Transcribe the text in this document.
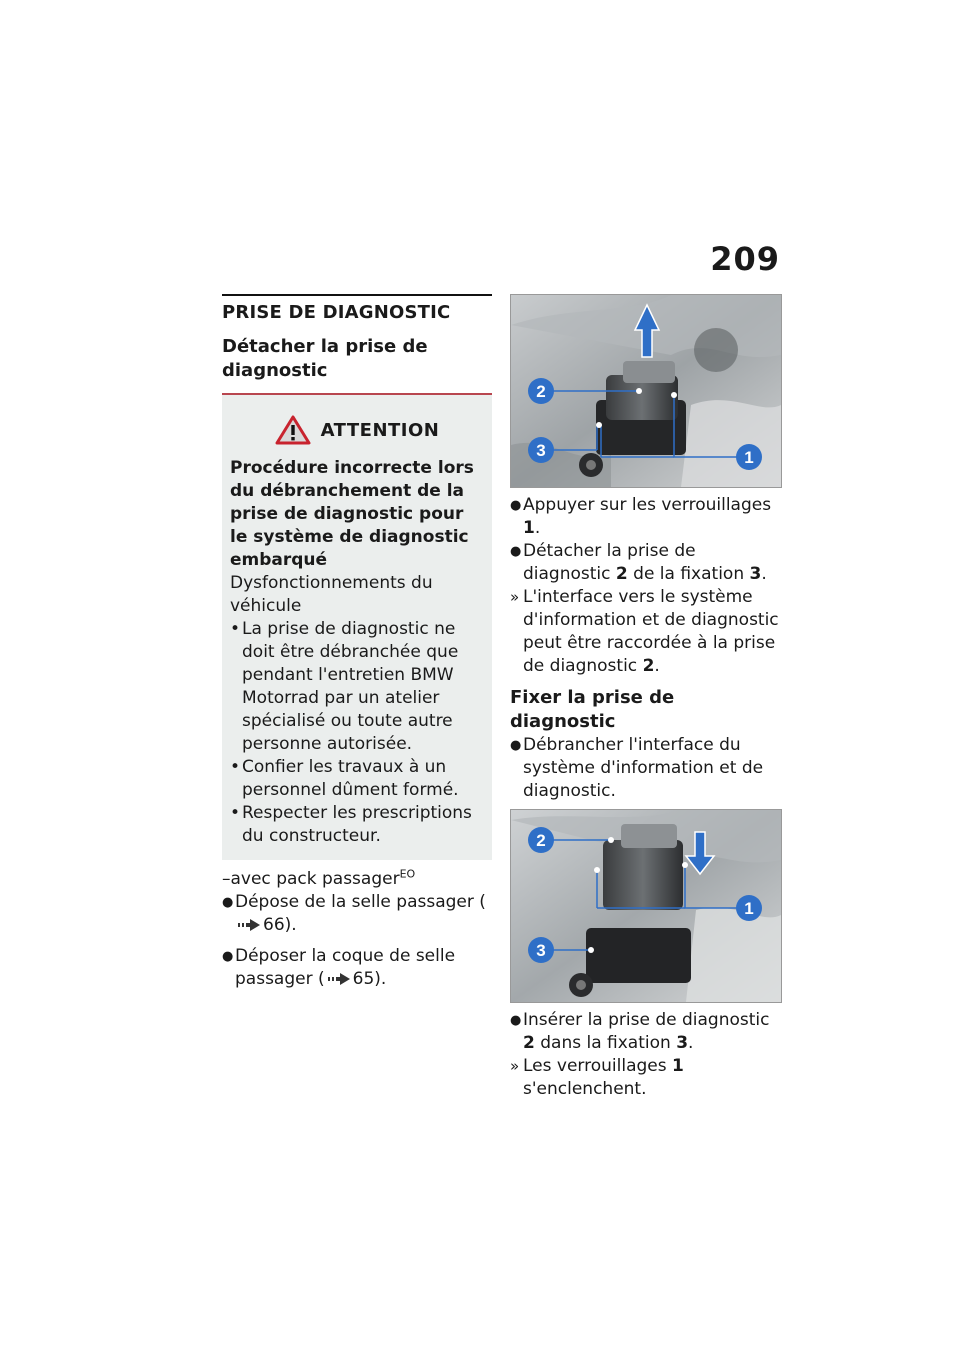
209
PRISE DE DIAGNOSTIC
Détacher la prise de diagnostic
ATTENTION
Procédure incorrecte lors du débranchement de la prise de diagnostic pour le système de diagnostic embarqué
Dysfonctionnements du véhicule
• La prise de diagnostic ne doit être débranchée que pendant l'entretien BMW Motorrad par un atelier spécialisé ou toute autre personne autorisée.
• Confier les travaux à un personnel dûment formé.
• Respecter les prescriptions du constructeur.
–avec pack passager$^{EO}$
● Dépose de la selle passager (66).
● Déposer la coque de selle passager ( 65).
2
3	1
● Appuyer sur les verrouillages 1.
● Détacher la prise de diagnostic 2 de la fixation 3.
» L'interface vers le système d'information et de diagnostic peut être raccordée à la prise de diagnostic 2.
Fixer la prise de diagnostic
● Débrancher l'interface du système d'information et de diagnostic.
2
1
3
● Insérer la prise de diagnostic 2 dans la fixation 3.
» Les verrouillages 1 s'enclenchent.
